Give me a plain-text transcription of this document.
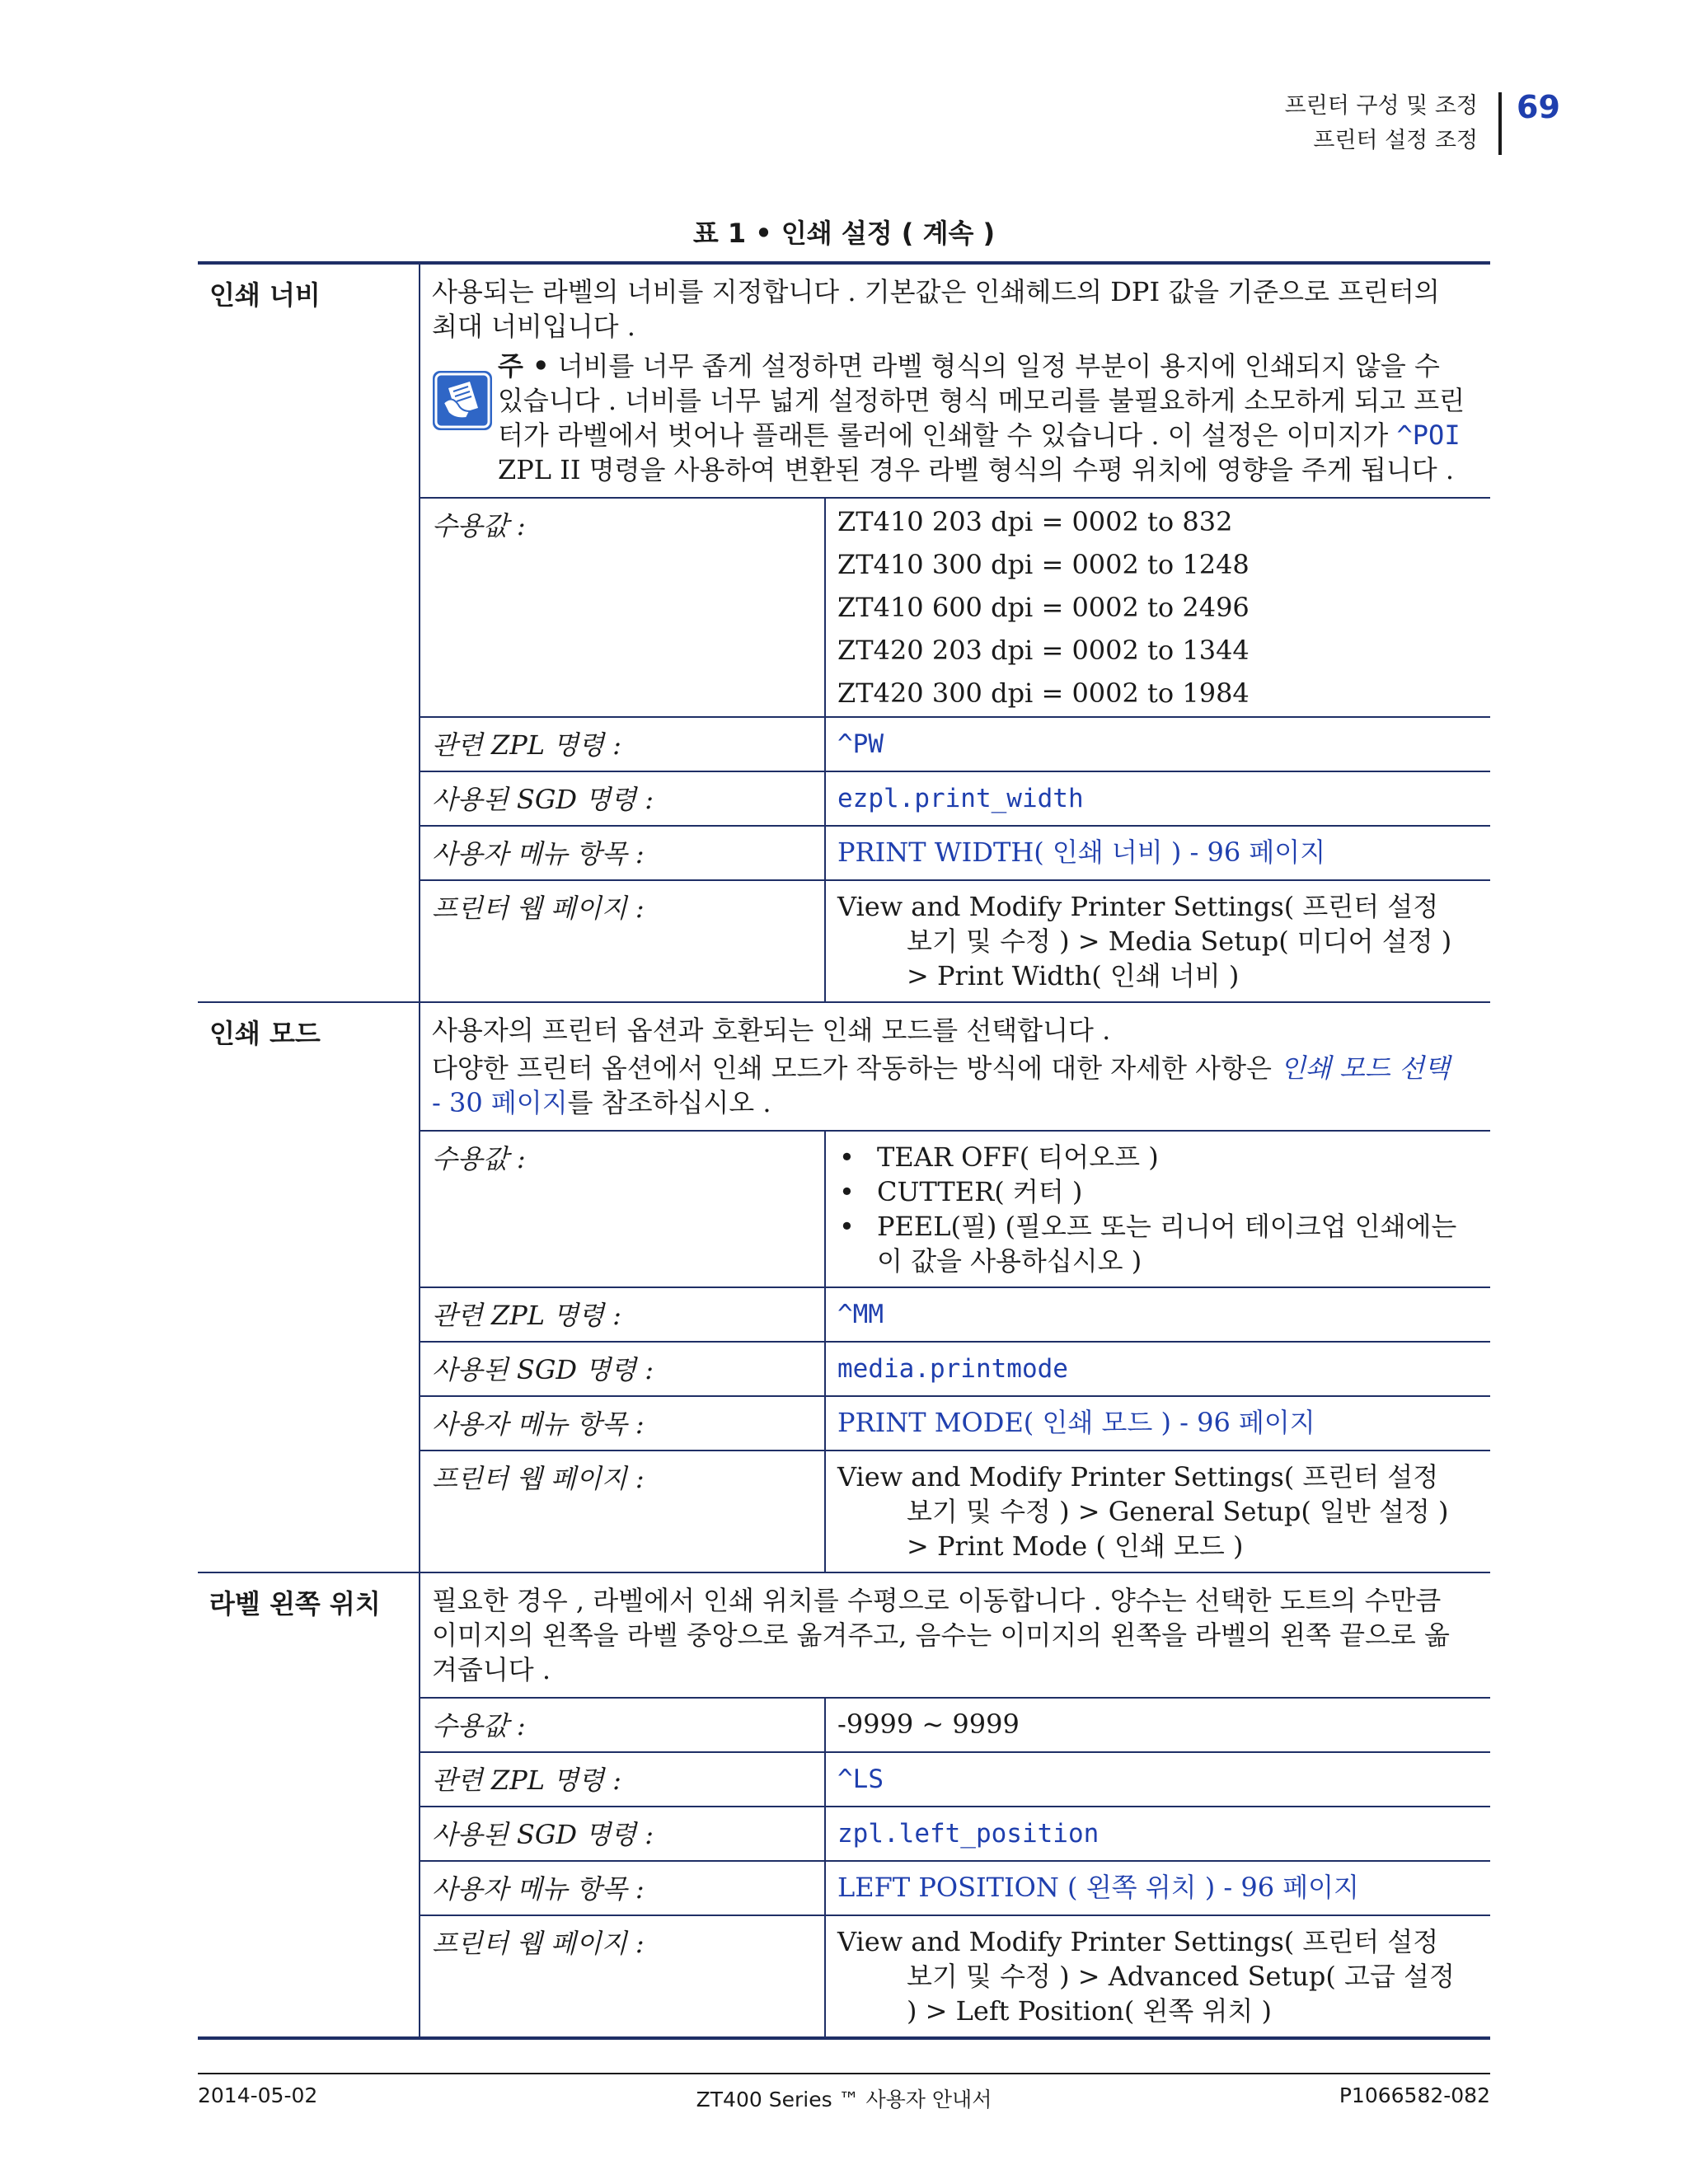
프린터 구성 및 조정
프린터 설정 조정
69
표 1 • 인쇄 설정 ( 계속 )
인쇄 너비	사용되는 라벨의 너비를 지정합니다 . 기본값은 인쇄헤드의 DPI 값을 기준으로 프린터의 최대 너비입니다 .

주 • 너비를 너무 좁게 설정하면 라벨 형식의 일정 부분이 용지에 인쇄되지 않을 수 있습니다 . 너비를 너무 넓게 설정하면 형식 메모리를 불필요하게 소모하게 되고 프린터가 라벨에서 벗어나 플래튼 롤러에 인쇄할 수 있습니다 . 이 설정은 이미지가 ^POI ZPL II 명령을 사용하여 변환된 경우 라벨 형식의 수평 위치에 영향을 주게 됩니다 .
수용값 :	ZT410 203 dpi = 0002 to 832
ZT410 300 dpi = 0002 to 1248
ZT410 600 dpi = 0002 to 2496
ZT420 203 dpi = 0002 to 1344
ZT420 300 dpi = 0002 to 1984

관련 ZPL 명령 :	^PW
사용된 SGD 명령 :	ezpl.print_width
사용자 메뉴 항목 :	PRINT WIDTH( 인쇄 너비 ) - 96 페이지
프린터 웹 페이지 :	View and Modify Printer Settings( 프린터 설정 보기 및 수정 ) > Media Setup( 미디어 설정 ) > Print Width( 인쇄 너비 )

인쇄 모드	사용자의 프린터 옵션과 호환되는 인쇄 모드를 선택합니다 .

다양한 프린터 옵션에서 인쇄 모드가 작동하는 방식에 대한 자세한 사항은 인쇄 모드 선택 - 30 페이지를 참조하십시오 .

수용값 :	
•TEAR OFF( 티어오프 )
• CUTTER( 커터 )
• PEEL(필) (필오프 또는 리니어 테이크업 인쇄에는 이 값을 사용하십시오 )

관련 ZPL 명령 :	^MM
사용된 SGD 명령 :	media.printmode
사용자 메뉴 항목 :	PRINT MODE( 인쇄 모드 ) - 96 페이지
프린터 웹 페이지 :	View and Modify Printer Settings( 프린터 설정 보기 및 수정 ) > General Setup( 일반 설정 ) > Print Mode ( 인쇄 모드 )

라벨 왼쪽 위치	필요한 경우 , 라벨에서 인쇄 위치를 수평으로 이동합니다 . 양수는 선택한 도트의 수만큼 이미지의 왼쪽을 라벨 중앙으로 옮겨주고, 음수는 이미지의 왼쪽을 라벨의 왼쪽 끝으로 옮겨줍니다 .

수용값 :	-9999 ~ 9999

관련 ZPL 명령 :	^LS
사용된 SGD 명령 :	zpl.left_position
사용자 메뉴 항목 :	LEFT POSITION ( 왼쪽 위치 ) - 96 페이지
프린터 웹 페이지 :	View and Modify Printer Settings( 프린터 설정 보기 및 수정 ) > Advanced Setup( 고급 설정 ) > Left Position( 왼쪽 위치 )
2014-05-02	ZT400 Series ™ 사용자 안내서	P1066582-082
